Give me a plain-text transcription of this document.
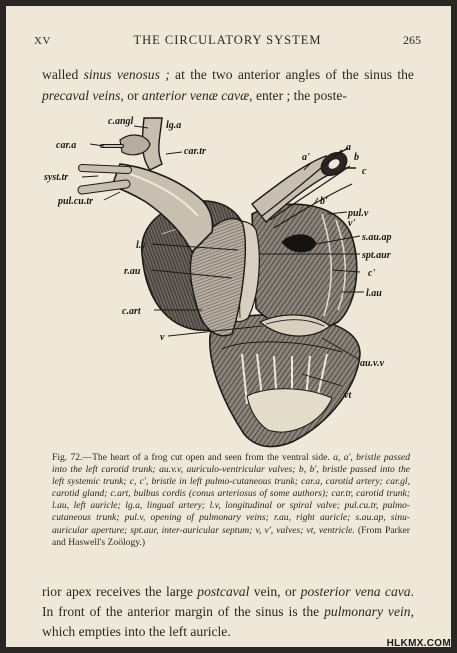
XV	THE CIRCULATORY SYSTEM	265
walled sinus venosus ; at the two anterior angles of the sinus the precaval veins, or anterior venæ cavæ, enter ; the poste-
c.angl	lg.a
car.a
car.tr
syst.tr
pul.cu.tr
a'
a
b
c
b'
pul.v
v'
s.au.ap
spt.aur
c'
l.au
l.v
r.au
c.art
v
au.v.v
vt
Fig. 72.—The heart of a frog cut open and seen from the ventral side. a, a', bristle passed into the left carotid trunk; au.v.v, auriculo-ventricular valves; b, b', bristle passed into the left systemic trunk; c, c', bristle in left pulmo-cutaneous trunk; car.a, carotid artery; car.gl, carotid gland; c.art, bulbus cordis (conus arteriosus of some authors); car.tr, carotid trunk; l.au, left auricle; lg.a, lingual artery; l.v, longitudinal or spiral valve; pul.cu.tr, pulmo-cutaneous trunk; pul.v, opening of pulmonary veins; r.au, right auricle; s.au.ap, sinu-auricular aperture; spt.aur, inter-auricular septum; v, v', valves; vt, ventricle. (From Parker and Haswell's Zoölogy.)
rior apex receives the large postcaval vein, or posterior vena cava. In front of the anterior margin of the sinus is the pulmonary vein, which empties into the left auricle.
HLKMX.COM
